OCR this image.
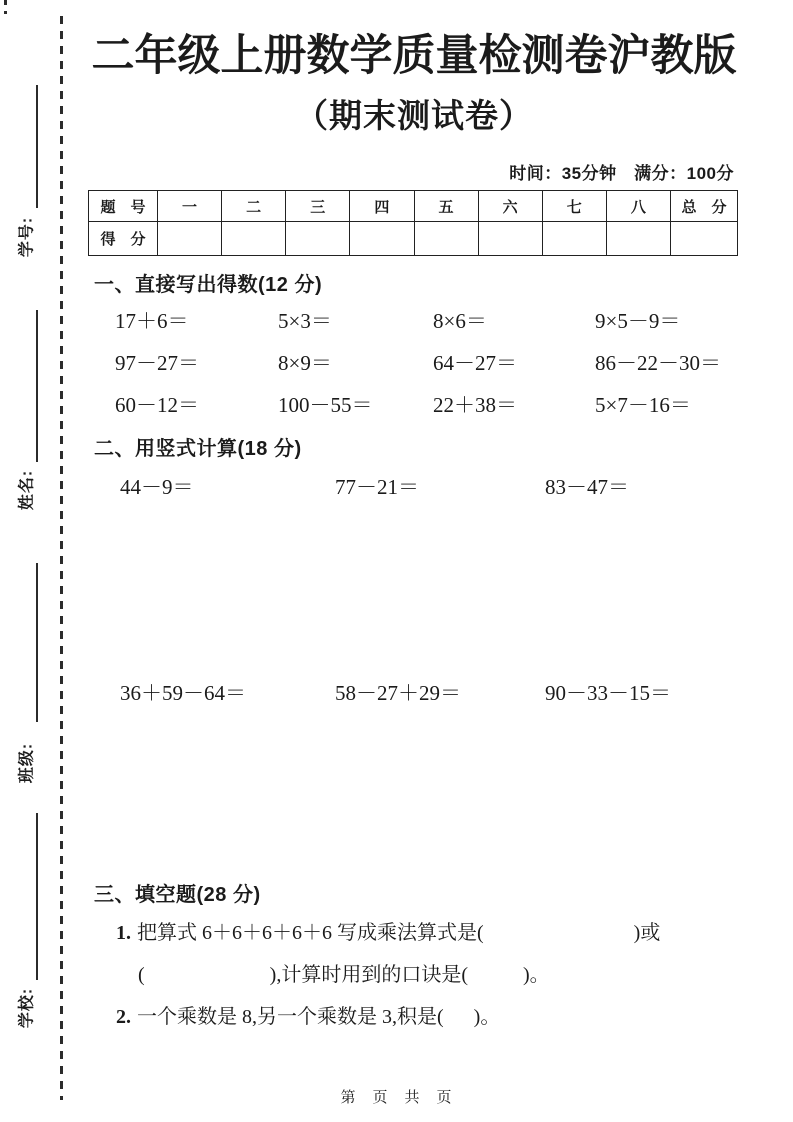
学号:
姓名:
班级:
学校:
二年级上册数学质量检测卷沪教版
（期末测试卷）
时间：35分钟　满分：100分
题　号	一	二	三	四	五	六	七	八	总　分
得　分									
一、直接写出得数(12 分)
17＋6＝	5×3＝	8×6＝	9×5－9＝
97－27＝	8×9＝	64－27＝	86－22－30＝
60－12＝	100－55＝	22＋38＝	5×7－16＝
二、用竖式计算(18 分)
44－9＝	77－21＝	83－47＝
36＋59－64＝	58－27＋29＝	90－33－15＝
三、填空题(28 分)
1. 把算式 6＋6＋6＋6＋6 写成乘法算式是(	)或
(	),计算时用到的口诀是(	)。
2. 一个乘数是 8,另一个乘数是 3,积是( )。
第　页　共　页
